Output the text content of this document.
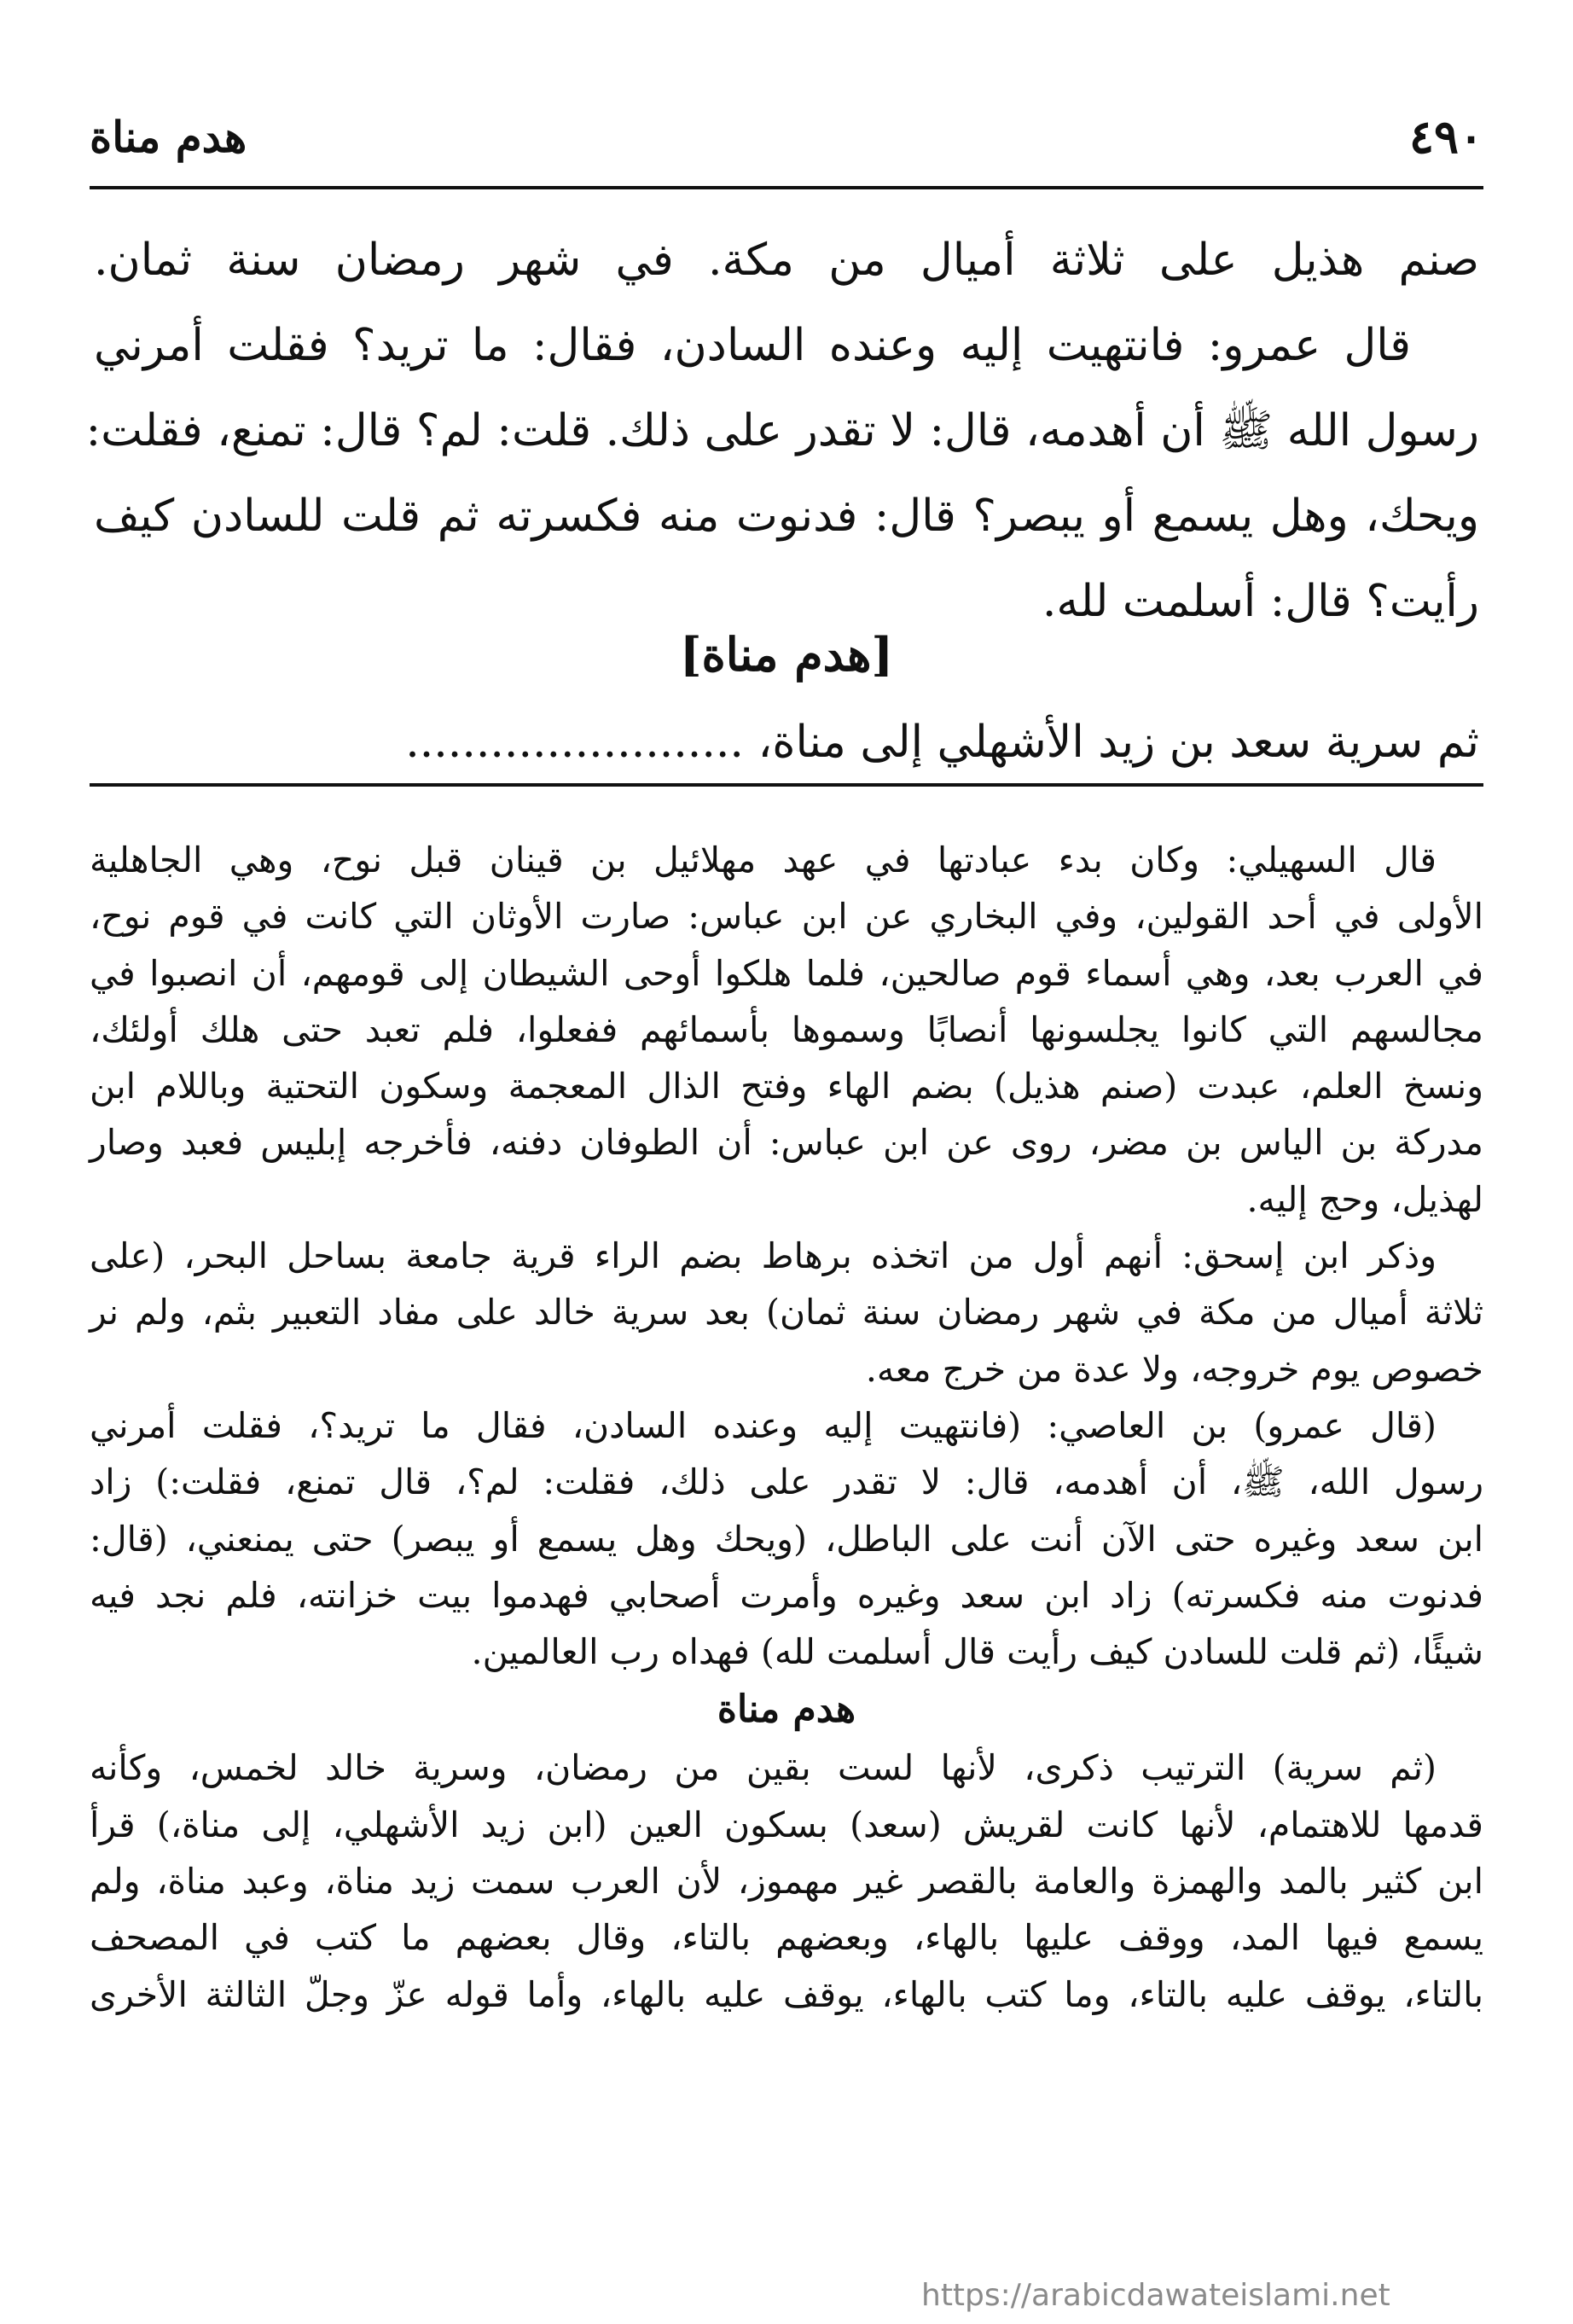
٤٩٠
هدم مناة
صنم هذيل على ثلاثة أميال من مكة. في شهر رمضان سنة ثمان.
قال عمرو: فانتهيت إليه وعنده السادن، فقال: ما تريد؟ فقلت أمرني
رسول الله ﷺ أن أهدمه، قال: لا تقدر على ذلك. قلت: لم؟ قال: تمنع، فقلت:
ويحك، وهل يسمع أو يبصر؟ قال: فدنوت منه فكسرته ثم قلت للسادن كيف
رأيت؟ قال: أسلمت لله.
[هدم مناة]
ثم سرية سعد بن زيد الأشهلي إلى مناة، ........................
قال السهيلي: وكان بدء عبادتها في عهد مهلائيل بن قينان قبل نوح، وهي الجاهلية
الأولى في أحد القولين، وفي البخاري عن ابن عباس: صارت الأوثان التي كانت في قوم نوح،
في العرب بعد، وهي أسماء قوم صالحين، فلما هلكوا أوحى الشيطان إلى قومهم، أن انصبوا في
مجالسهم التي كانوا يجلسونها أنصابًا وسموها بأسمائهم ففعلوا، فلم تعبد حتى هلك أولئك،
ونسخ العلم، عبدت (صنم هذيل) بضم الهاء وفتح الذال المعجمة وسكون التحتية وباللام ابن
مدركة بن الياس بن مضر، روى عن ابن عباس: أن الطوفان دفنه، فأخرجه إبليس فعبد وصار
لهذيل، وحج إليه.
وذكر ابن إسحق: أنهم أول من اتخذه برهاط بضم الراء قرية جامعة بساحل البحر، (على
ثلاثة أميال من مكة في شهر رمضان سنة ثمان) بعد سرية خالد على مفاد التعبير بثم، ولم نر
خصوص يوم خروجه، ولا عدة من خرج معه.
(قال عمرو) بن العاصي: (فانتهيت إليه وعنده السادن، فقال ما تريد؟، فقلت أمرني
رسول الله، ﷺ، أن أهدمه، قال: لا تقدر على ذلك، فقلت: لم؟، قال تمنع، فقلت:) زاد
ابن سعد وغيره حتى الآن أنت على الباطل، (ويحك وهل يسمع أو يبصر) حتى يمنعني، (قال:
فدنوت منه فكسرته) زاد ابن سعد وغيره وأمرت أصحابي فهدموا بيت خزانته، فلم نجد فيه
شيئًا، (ثم قلت للسادن كيف رأيت قال أسلمت لله) فهداه رب العالمين.
هدم مناة
(ثم سرية) الترتيب ذكرى، لأنها لست بقين من رمضان، وسرية خالد لخمس، وكأنه
قدمها للاهتمام، لأنها كانت لقريش (سعد) بسكون العين (ابن زيد الأشهلي، إلى مناة،) قرأ
ابن كثير بالمد والهمزة والعامة بالقصر غير مهموز، لأن العرب سمت زيد مناة، وعبد مناة، ولم
يسمع فيها المد، ووقف عليها بالهاء، وبعضهم بالتاء، وقال بعضهم ما كتب في المصحف
بالتاء، يوقف عليه بالتاء، وما كتب بالهاء، يوقف عليه بالهاء، وأما قوله عزّ وجلّ الثالثة الأخرى
https://arabicdawateislami.net
